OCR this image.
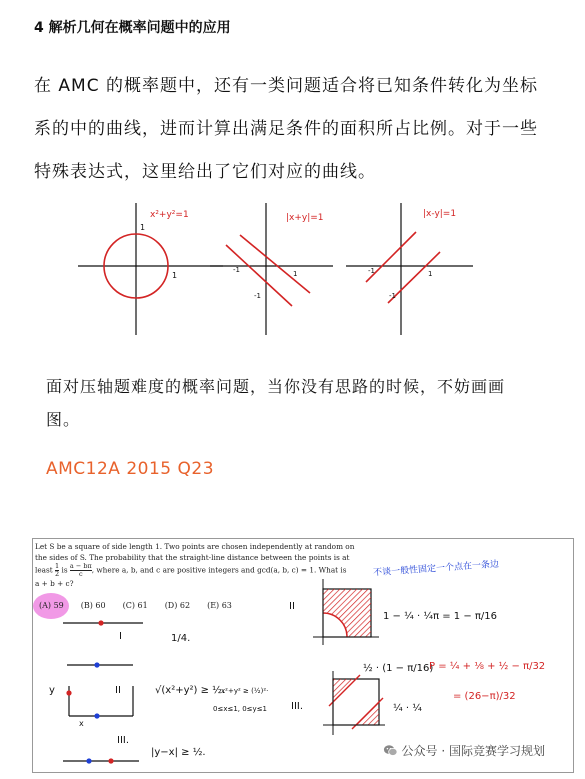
4 解析几何在概率问题中的应用

在 AMC 的概率题中，还有一类问题适合将已知条件转化为坐标系的中的曲线，进而计算出满足条件的面积所占比例。对于一些特殊表达式，这里给出了它们对应的曲线。

x²+y²=1
1
1
|x+y|=1
-1	1
-1
|x-y|=1
-1	1
-1

面对压轴题难度的概率问题，当你没有思路的时候，不妨画画图。

AMC12A 2015 Q23

Let S be a square of side length 1. Two points are chosen independently at random on
the sides of S. The probability that the straight-line distance between the points is at
least $\frac{1}{2}$ is $\frac{a - b\pi}{c}$ , where a, b, and c are positive integers and gcd(a, b, c) = 1. What is
a + b + c?
(A) 59 (B) 60 (C) 61 (D) 62 (E) 63
不谈一般性固定一个点在一条边
I	1/4.
II
y
x
√(x²+y²) ≥ ½.
x²+y² ≥ (½)²·
0≤x≤1, 0≤y≤1
III.
|y−x| ≥ ½.
II
1 − ¼ · ¼π = 1 − π/16
½ · (1 − π/16)
III.	¼ · ¼
P = ¼ + ⅛ + ½ − π/32
= (26−π)/32
公众号 · 国际竞赛学习规划
